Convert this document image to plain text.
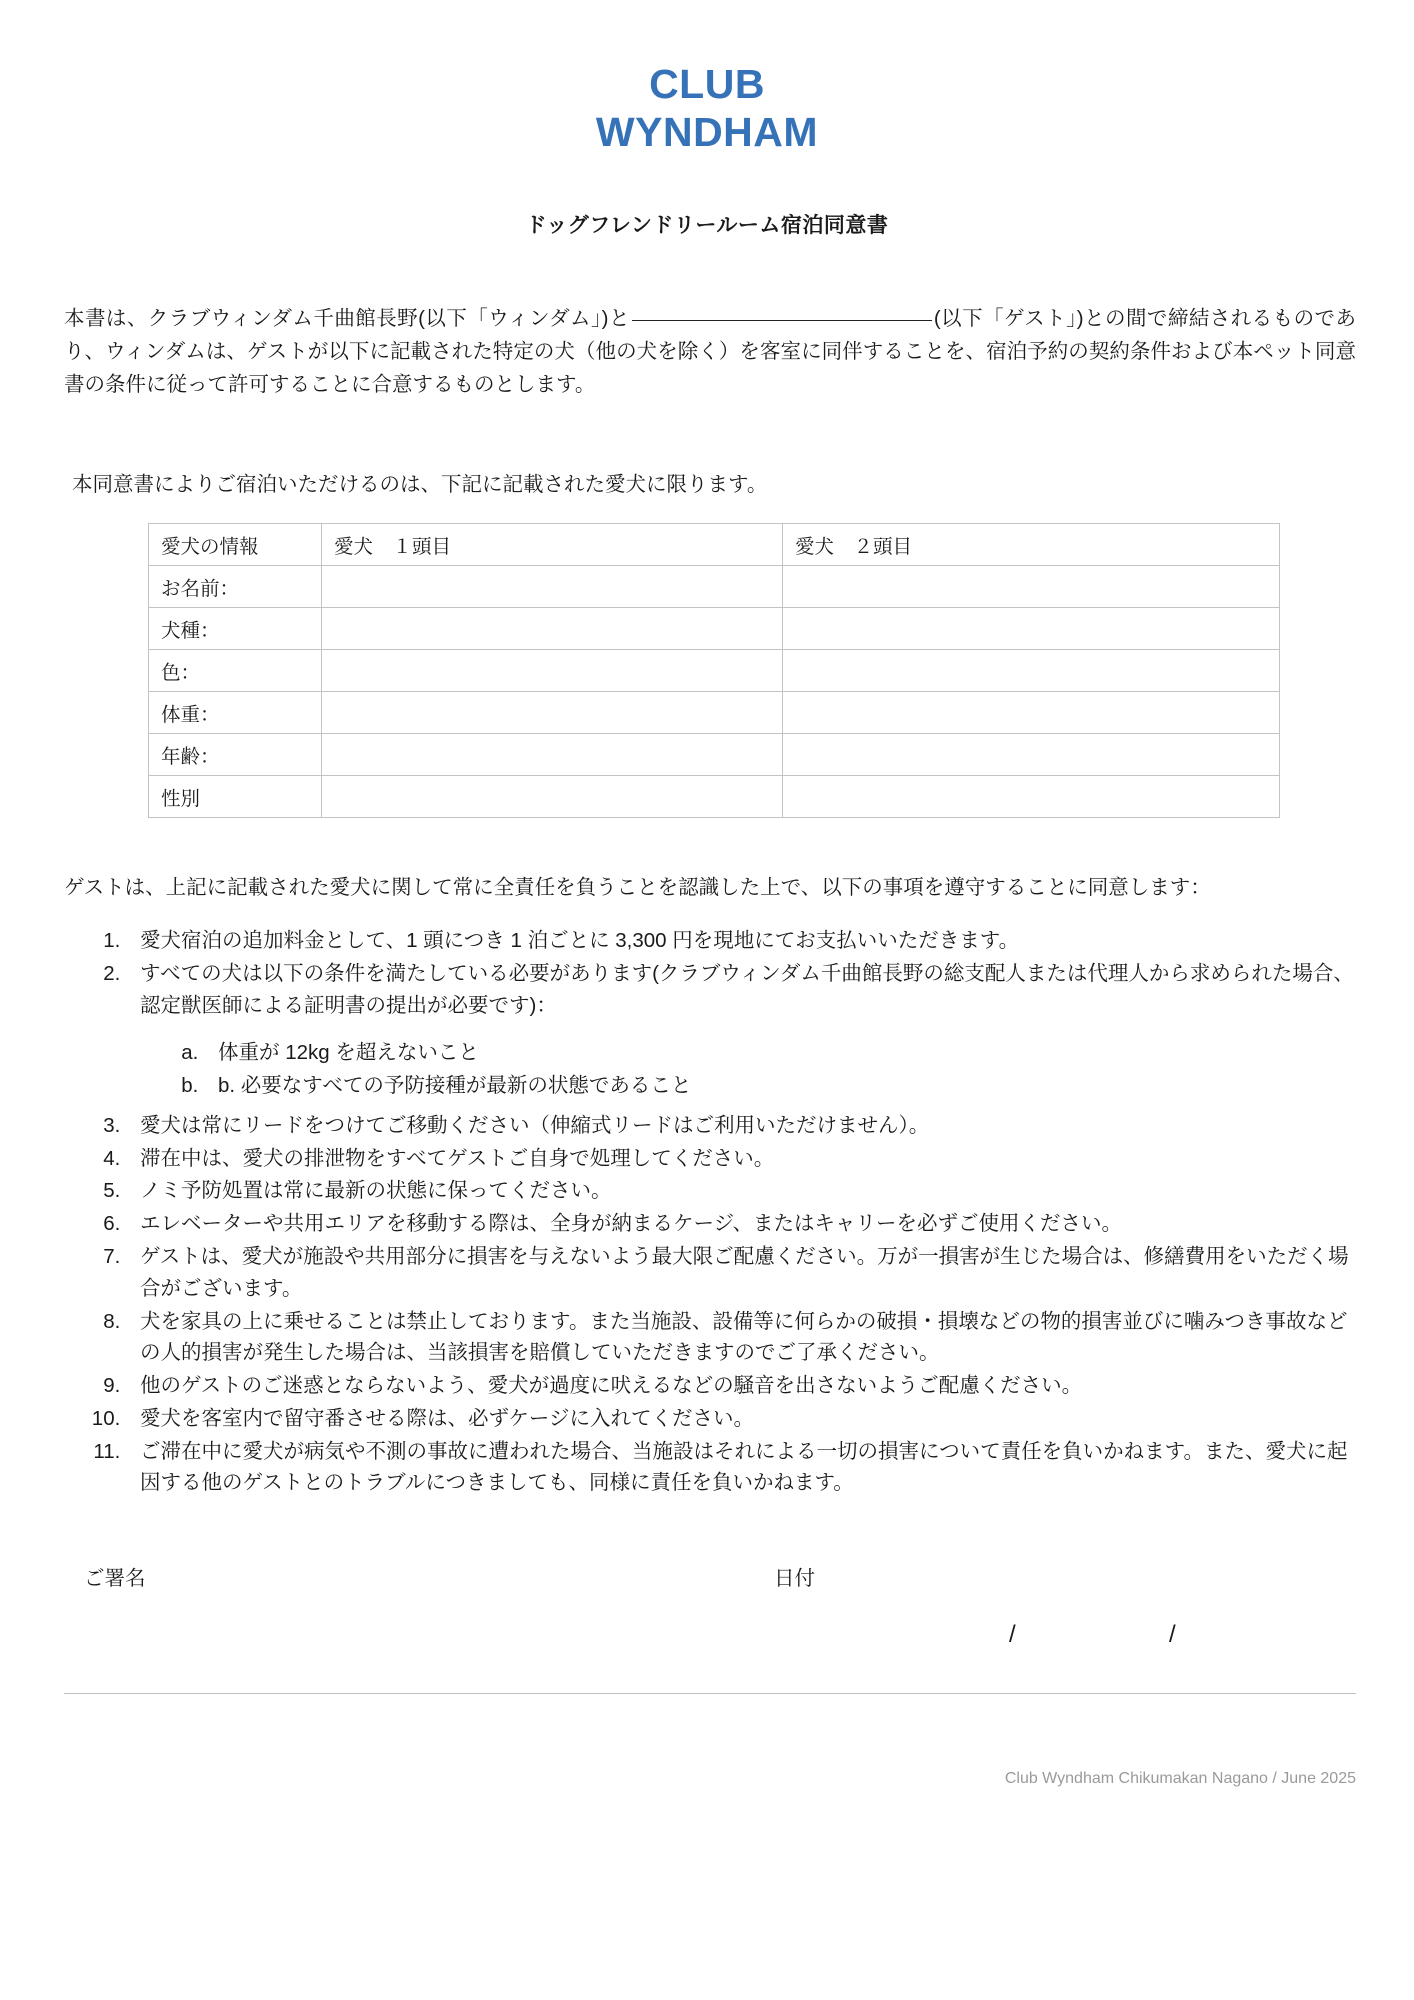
CLUB
WYNDHAM
ドッグフレンドリールーム宿泊同意書

本書は、クラブウィンダム千曲館長野(以下「ウィンダム」)と	(以下「ゲスト」)との間で締結されるものであり、ウィンダムは、ゲストが以下に記載された特定の犬（他の犬を除く）を客室に同伴することを、宿泊予約の契約条件および本ペット同意書の条件に従って許可することに合意するものとします。

本同意書によりご宿泊いただけるのは、下記に記載された愛犬に限ります。

愛犬の情報	愛犬　１頭目	愛犬　２頭目
お名前：		
犬種：		
色：		
体重：		
年齢：		
性別		

ゲストは、上記に記載された愛犬に関して常に全責任を負うことを認識した上で、以下の事項を遵守することに同意します：

1. 愛犬宿泊の追加料金として、1 頭につき 1 泊ごとに 3,300 円を現地にてお支払いいただきます。
2. すべての犬は以下の条件を満たしている必要があります(クラブウィンダム千曲館長野の総支配人または代理人から求められた場合、認定獣医師による証明書の提出が必要です)：
a. 体重が 12kg を超えないこと
b. b. 必要なすべての予防接種が最新の状態であること
3. 愛犬は常にリードをつけてご移動ください（伸縮式リードはご利用いただけません）。
4. 滞在中は、愛犬の排泄物をすべてゲストご自身で処理してください。
5. ノミ予防処置は常に最新の状態に保ってください。
6. エレベーターや共用エリアを移動する際は、全身が納まるケージ、またはキャリーを必ずご使用ください。
7. ゲストは、愛犬が施設や共用部分に損害を与えないよう最大限ご配慮ください。万が一損害が生じた場合は、修繕費用をいただく場合がございます。
8. 犬を家具の上に乗せることは禁止しております。また当施設、設備等に何らかの破損・損壊などの物的損害並びに噛みつき事故などの人的損害が発生した場合は、当該損害を賠償していただきますのでご了承ください。
9. 他のゲストのご迷惑とならないよう、愛犬が過度に吠えるなどの騒音を出さないようご配慮ください。
10. 愛犬を客室内で留守番させる際は、必ずケージに入れてください。
11. ご滞在中に愛犬が病気や不測の事故に遭われた場合、当施設はそれによる一切の損害について責任を負いかねます。また、愛犬に起因する他のゲストとのトラブルにつきましても、同様に責任を負いかねます。
ご署名	日付
/	/
Club Wyndham Chikumakan Nagano / June 2025
